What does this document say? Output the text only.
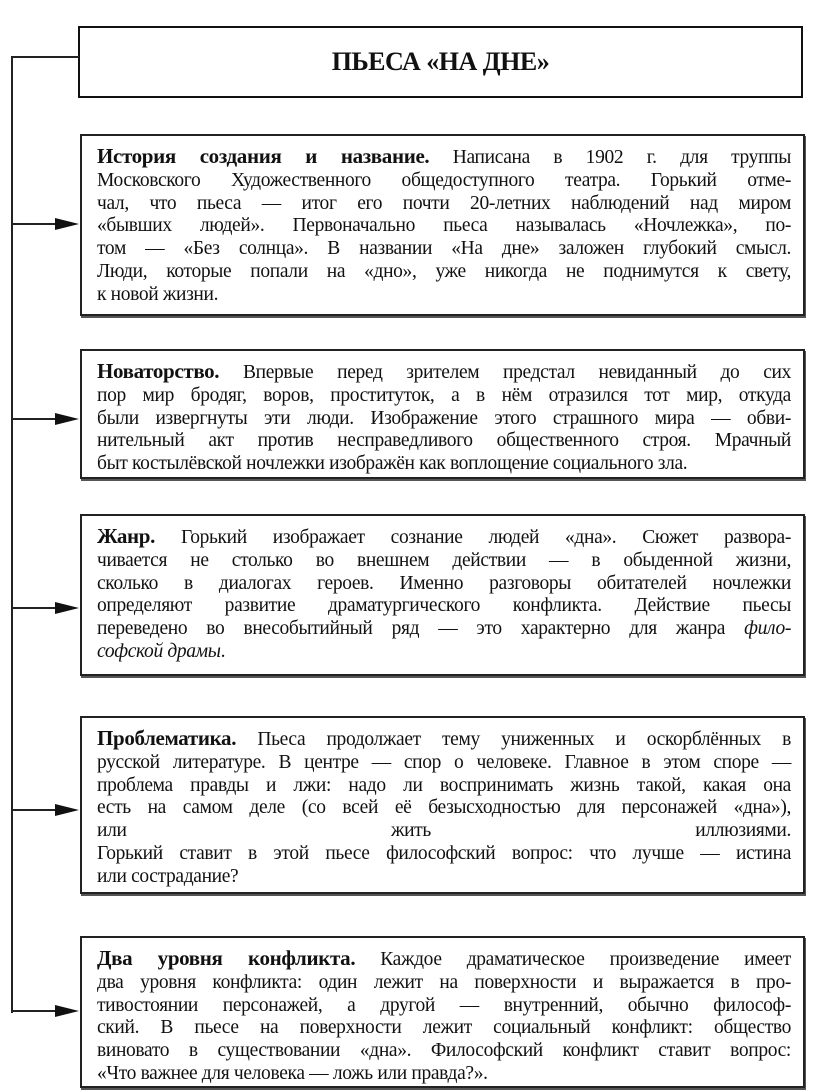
ПЬЕСА «НА ДНЕ»
История создания и название. Написана в 1902 г. для труппы
Московского Художественного общедоступного театра. Горький отме-
чал, что пьеса — итог его почти 20-летних наблюдений над миром
«бывших людей». Первоначально пьеса называлась «Ночлежка», по-
том — «Без солнца». В названии «На дне» заложен глубокий смысл.
Люди, которые попали на «дно», уже никогда не поднимутся к свету,
к новой жизни.
Новаторство. Впервые перед зрителем предстал невиданный до сих
пор мир бродяг, воров, проституток, а в нём отразился тот мир, откуда
были извергнуты эти люди. Изображение этого страшного мира — обви-
нительный акт против несправедливого общественного строя. Мрачный
быт костылёвской ночлежки изображён как воплощение социального зла.
Жанр. Горький изображает сознание людей «дна». Сюжет развора-
чивается не столько во внешнем действии — в обыденной жизни,
сколько в диалогах героев. Именно разговоры обитателей ночлежки
определяют развитие драматургического конфликта. Действие пьесы
переведено во внесобытийный ряд — это характерно для жанра фило-
софской драмы.
Проблематика. Пьеса продолжает тему униженных и оскорблённых в
русской литературе. В центре — спор о человеке. Главное в этом споре —
проблема правды и лжи: надо ли воспринимать жизнь такой, какая она
есть на самом деле (со всей её безысходностью для персонажей «дна»),
или жить иллюзиями.
Горький ставит в этой пьесе философский вопрос: что лучше — истина
или сострадание?
Два уровня конфликта. Каждое драматическое произведение имеет
два уровня конфликта: один лежит на поверхности и выражается в про-
тивостоянии персонажей, а другой — внутренний, обычно философ-
ский. В пьесе на поверхности лежит социальный конфликт: общество
виновато в существовании «дна». Философский конфликт ставит вопрос:
«Что важнее для человека — ложь или правда?».
